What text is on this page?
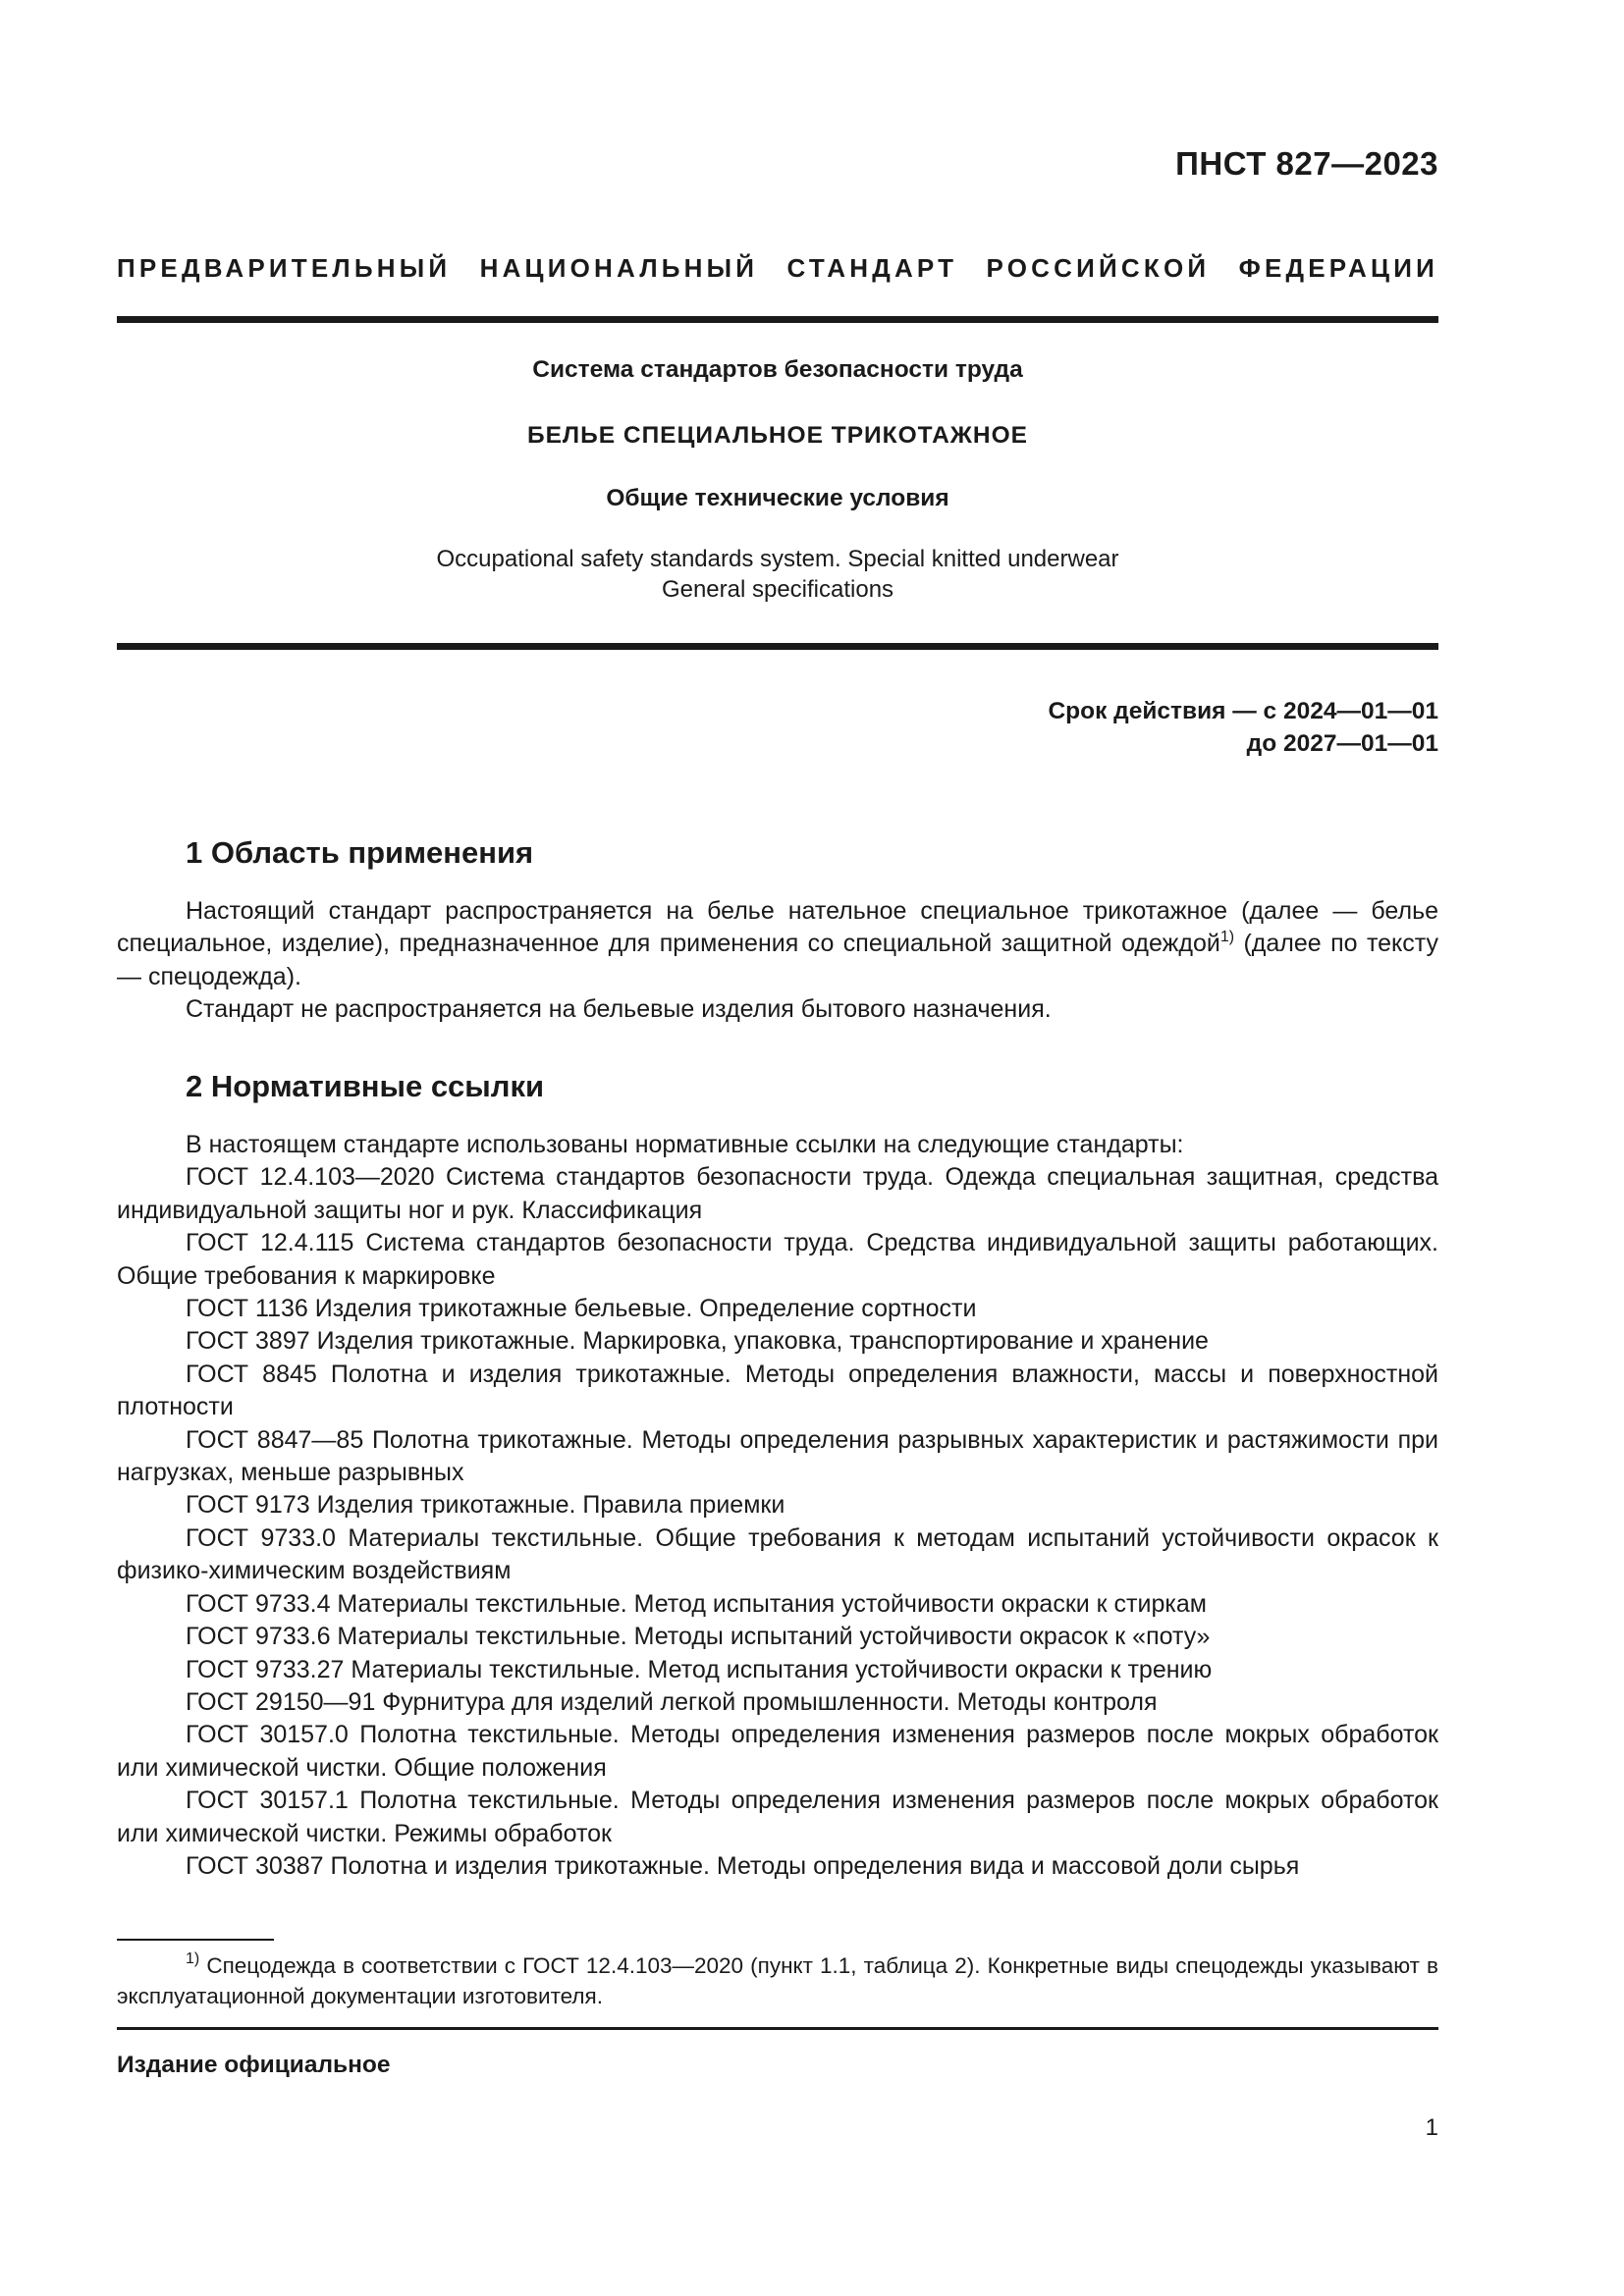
ПНСТ 827—2023
ПРЕДВАРИТЕЛЬНЫЙ НАЦИОНАЛЬНЫЙ СТАНДАРТ РОССИЙСКОЙ ФЕДЕРАЦИИ
Система стандартов безопасности труда
БЕЛЬЕ СПЕЦИАЛЬНОЕ ТРИКОТАЖНОЕ
Общие технические условия
Occupational safety standards system. Special knitted underwear
General specifications
Срок действия — с 2024—01—01
до 2027—01—01
1 Область применения

Настоящий стандарт распространяется на белье нательное специальное трикотажное (далее — белье специальное, изделие), предназначенное для применения со специальной защитной одеждой$^{1)}$ (далее по тексту — спецодежда).

Стандарт не распространяется на бельевые изделия бытового назначения.

2 Нормативные ссылки

В настоящем стандарте использованы нормативные ссылки на следующие стандарты:

ГОСТ 12.4.103—2020 Система стандартов безопасности труда. Одежда специальная защитная, средства индивидуальной защиты ног и рук. Классификация

ГОСТ 12.4.115 Система стандартов безопасности труда. Средства индивидуальной защиты работающих. Общие требования к маркировке

ГОСТ 1136 Изделия трикотажные бельевые. Определение сортности

ГОСТ 3897 Изделия трикотажные. Маркировка, упаковка, транспортирование и хранение

ГОСТ 8845 Полотна и изделия трикотажные. Методы определения влажности, массы и поверхностной плотности

ГОСТ 8847—85 Полотна трикотажные. Методы определения разрывных характеристик и растяжимости при нагрузках, меньше разрывных

ГОСТ 9173 Изделия трикотажные. Правила приемки

ГОСТ 9733.0 Материалы текстильные. Общие требования к методам испытаний устойчивости окрасок к физико-химическим воздействиям

ГОСТ 9733.4 Материалы текстильные. Метод испытания устойчивости окраски к стиркам

ГОСТ 9733.6 Материалы текстильные. Методы испытаний устойчивости окрасок к «поту»

ГОСТ 9733.27 Материалы текстильные. Метод испытания устойчивости окраски к трению

ГОСТ 29150—91 Фурнитура для изделий легкой промышленности. Методы контроля

ГОСТ 30157.0 Полотна текстильные. Методы определения изменения размеров после мокрых обработок или химической чистки. Общие положения

ГОСТ 30157.1 Полотна текстильные. Методы определения изменения размеров после мокрых обработок или химической чистки. Режимы обработок

ГОСТ 30387 Полотна и изделия трикотажные. Методы определения вида и массовой доли сырья

$^{1)}$ Спецодежда в соответствии с ГОСТ 12.4.103—2020 (пункт 1.1, таблица 2). Конкретные виды спецодежды указывают в эксплуатационной документации изготовителя.
Издание официальное
1
